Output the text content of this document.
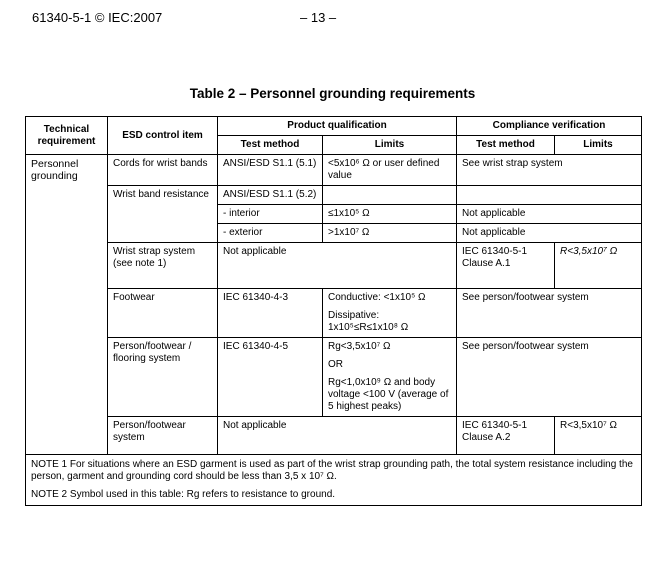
61340-5-1 © IEC:2007	– 13 –
Table 2 – Personnel grounding requirements
Technical requirement	ESD control item	Product qualification		Compliance verification	
		Test method	Limits	Test method	Limits
Personnel grounding	Cords for wrist bands	ANSI/ESD S1.1 (5.1)	<5x10⁶ Ω or user defined value	See wrist strap system	
	Wrist band resistance	ANSI/ESD S1.1 (5.2)			
		- interior	≤1x10⁵ Ω	Not applicable	
		- exterior	>1x10⁷ Ω	Not applicable	
	Wrist strap system (see note 1)	Not applicable		IEC 61340-5-1 Clause A.1	R<3,5x10⁷ Ω
	Footwear	IEC 61340-4-3	Conductive: <1x10⁵ Ω
Dissipative: 1x10⁵≤R≤1x10⁸ Ω	See person/footwear system	
	Person/footwear / flooring system	IEC 61340-4-5	Rg<3,5x10⁷ Ω
OR
Rg<1,0x10⁹ Ω and body voltage <100 V (average of 5 highest peaks)	See person/footwear system	
	Person/footwear system	Not applicable		IEC 61340-5-1 Clause A.2	R<3,5x10⁷ Ω

NOTE 1 For situations where an ESD garment is used as part of the wrist strap grounding path, the total system resistance including the person, garment and grounding cord should be less than 3,5 x 10⁷ Ω.

NOTE 2 Symbol used in this table: Rg refers to resistance to ground.					
